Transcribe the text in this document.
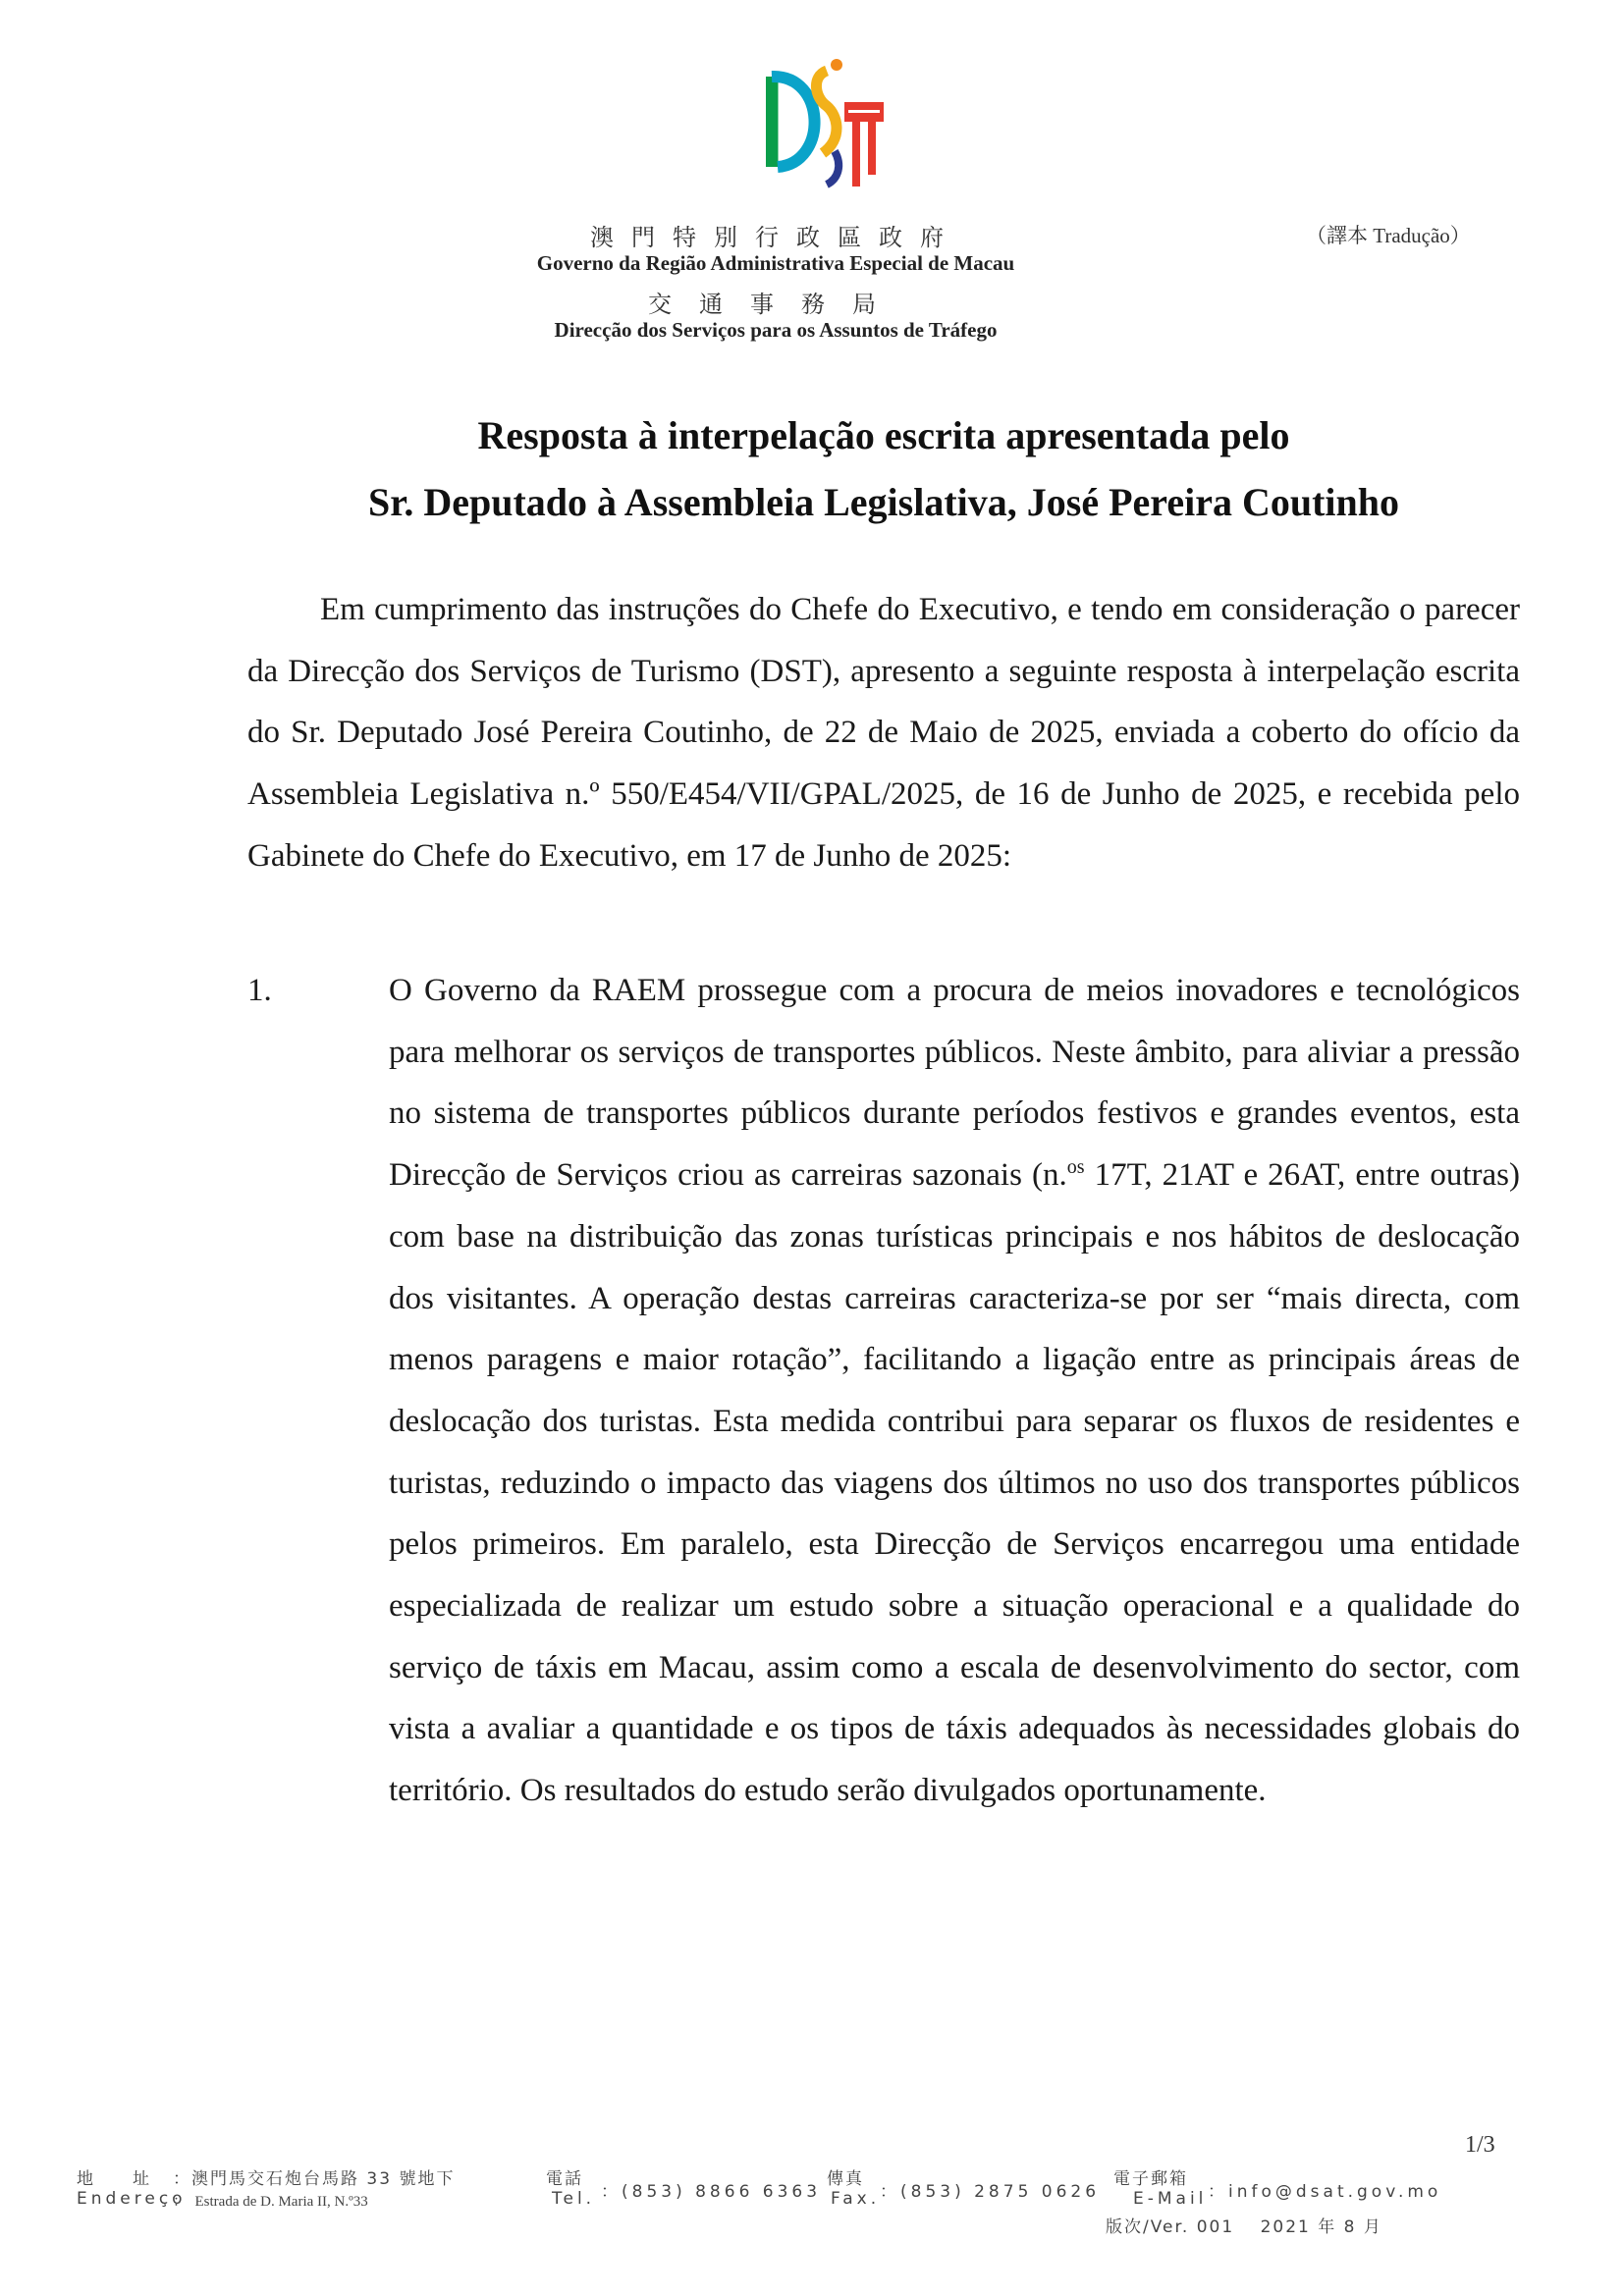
澳門特別行政區政府
Governo da Região Administrativa Especial de Macau
交通事務局
Direcção dos Serviços para os Assuntos de Tráfego
（譯本 Tradução）
Resposta à interpelação escrita apresentada pelo
Sr. Deputado à Assembleia Legislativa, José Pereira Coutinho
Em cumprimento das instruções do Chefe do Executivo, e tendo em consideração o parecer da Direcção dos Serviços de Turismo (DST), apresento a seguinte resposta à interpelação escrita do Sr. Deputado José Pereira Coutinho, de 22 de Maio de 2025, enviada a coberto do ofício da Assembleia Legislativa n.º 550/E454/VII/GPAL/2025, de 16 de Junho de 2025, e recebida pelo Gabinete do Chefe do Executivo, em 17 de Junho de 2025:
1.	O Governo da RAEM prossegue com a procura de meios inovadores e tecnológicos para melhorar os serviços de transportes públicos. Neste âmbito, para aliviar a pressão no sistema de transportes públicos durante períodos festivos e grandes eventos, esta Direcção de Serviços criou as carreiras sazonais (n.$^{os}$ 17T, 21AT e 26AT, entre outras) com base na distribuição das zonas turísticas principais e nos hábitos de deslocação dos visitantes. A operação destas carreiras caracteriza-se por ser “mais directa, com menos paragens e maior rotação”, facilitando a ligação entre as principais áreas de deslocação dos turistas. Esta medida contribui para separar os fluxos de residentes e turistas, reduzindo o impacto das viagens dos últimos no uso dos transportes públicos pelos primeiros. Em paralelo, esta Direcção de Serviços encarregou uma entidade especializada de realizar um estudo sobre a situação operacional e a qualidade do serviço de táxis em Macau, assim como a escala de desenvolvimento do sector, com vista a avaliar a quantidade e os tipos de táxis adequados às necessidades globais do território. Os resultados do estudo serão divulgados oportunamente.
1/3
地　　址 ：澳門馬交石炮台馬路 33 號地下
Endereço
：　Estrada de D. Maria II, N.º33
電話
Tel. ：(853) 8866 6363
傳真
Fax. ：(853) 2875 0626
電子郵箱
E-Mail ：info@dsat.gov.mo
版次/Ver. 001　 2021 年 8 月
